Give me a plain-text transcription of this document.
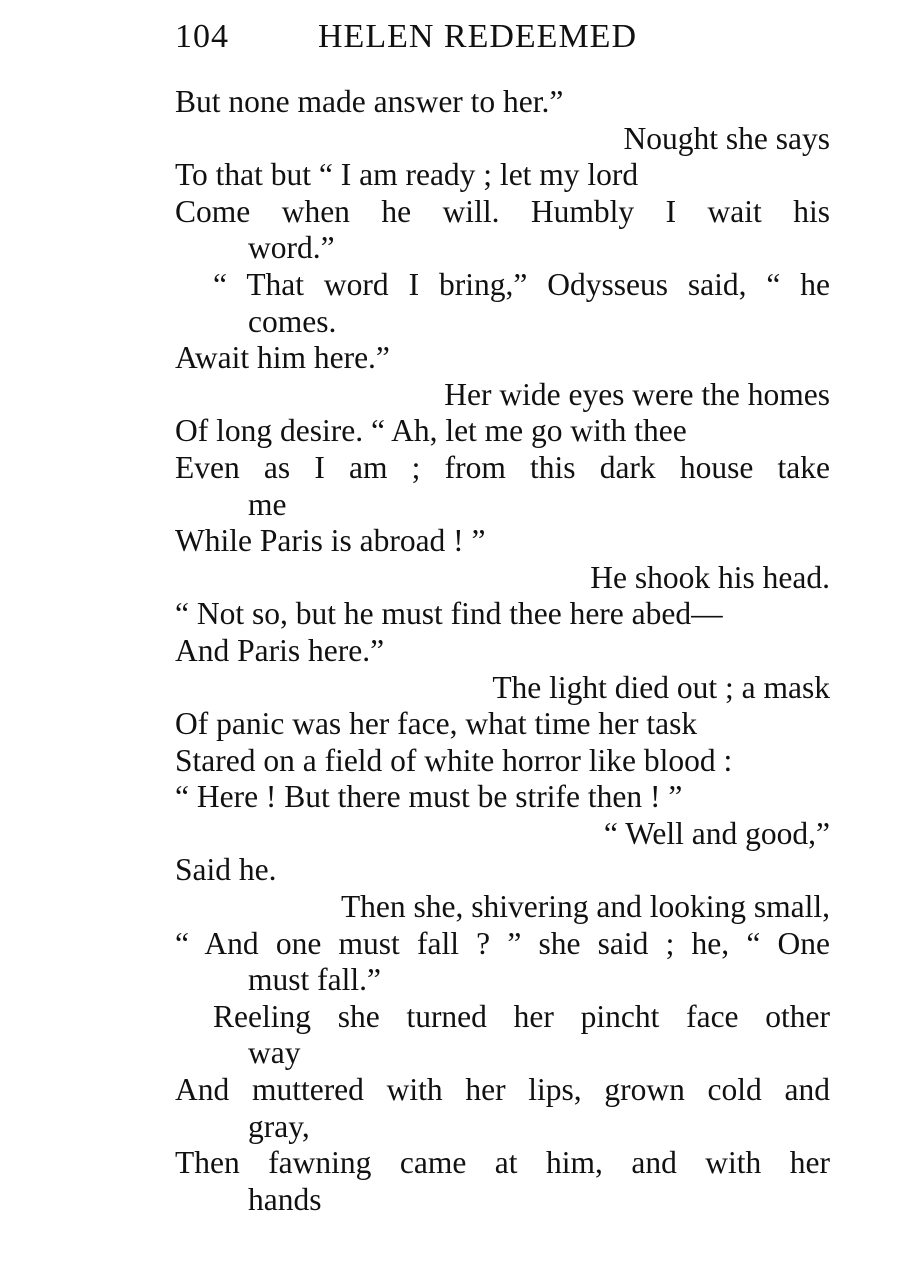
104	HELEN REDEEMED
But none made answer to her.”
Nought she says
To that but “ I am ready ; let my lord
Come when he will. Humbly I wait his
word.”
“ That word I bring,” Odysseus said, “ he
comes.
Await him here.”
Her wide eyes were the homes
Of long desire. “ Ah, let me go with thee
Even as I am ; from this dark house take
me
While Paris is abroad ! ”
He shook his head.
“ Not so, but he must find thee here abed—
And Paris here.”
The light died out ; a mask
Of panic was her face, what time her task
Stared on a field of white horror like blood :
“ Here ! But there must be strife then ! ”
“ Well and good,”
Said he.
Then she, shivering and looking small,
“ And one must fall ? ” she said ; he, “ One
must fall.”
Reeling she turned her pincht face other
way
And muttered with her lips, grown cold and
gray,
Then fawning came at him, and with her
hands
